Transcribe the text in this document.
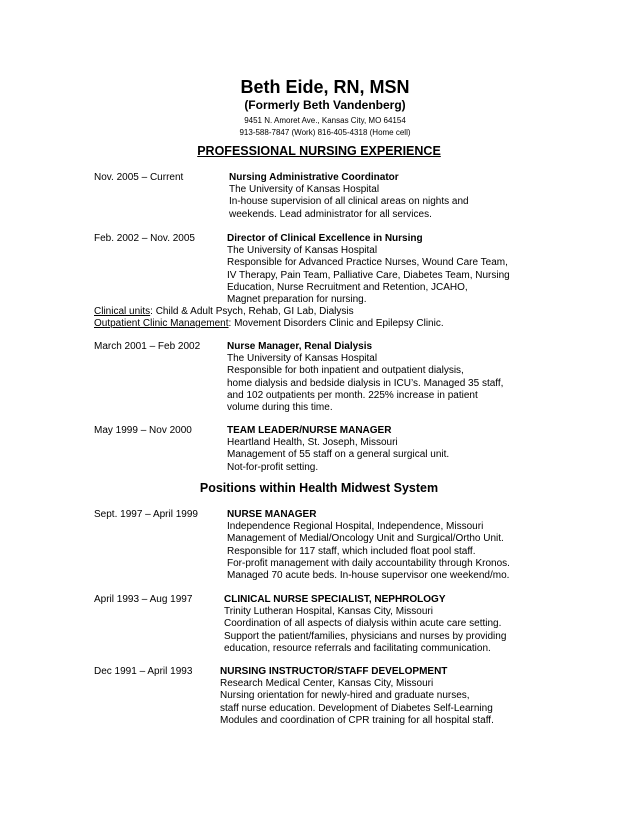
Beth Eide, RN, MSN
(Formerly Beth Vandenberg)
9451 N. Amoret Ave., Kansas City, MO 64154
913-588-7847 (Work) 816-405-4318 (Home cell)
PROFESSIONAL NURSING EXPERIENCE
Nov. 2005 – Current	Nursing Administrative Coordinator
The University of Kansas Hospital
In-house supervision of all clinical areas on nights and
weekends. Lead administrator for all services.
Feb. 2002 – Nov. 2005	Director of Clinical Excellence in Nursing
The University of Kansas Hospital
Responsible for Advanced Practice Nurses, Wound Care Team,
IV Therapy, Pain Team, Palliative Care, Diabetes Team, Nursing
Education, Nurse Recruitment and Retention, JCAHO,
Magnet preparation for nursing.
Clinical units: Child & Adult Psych, Rehab, GI Lab, Dialysis
Outpatient Clinic Management: Movement Disorders Clinic and Epilepsy Clinic.
March 2001 – Feb 2002	Nurse Manager, Renal Dialysis
The University of Kansas Hospital
Responsible for both inpatient and outpatient dialysis,
home dialysis and bedside dialysis in ICU’s. Managed 35 staff,
and 102 outpatients per month. 225% increase in patient
volume during this time.
May 1999 – Nov 2000	TEAM LEADER/NURSE MANAGER
Heartland Health, St. Joseph, Missouri
Management of 55 staff on a general surgical unit.
Not-for-profit setting.
Positions within Health Midwest System
Sept. 1997 – April 1999	NURSE MANAGER
Independence Regional Hospital, Independence, Missouri
Management of Medial/Oncology Unit and Surgical/Ortho Unit.
Responsible for 117 staff, which included float pool staff.
For-profit management with daily accountability through Kronos.
Managed 70 acute beds. In-house supervisor one weekend/mo.
April 1993 – Aug 1997	CLINICAL NURSE SPECIALIST, NEPHROLOGY
Trinity Lutheran Hospital, Kansas City, Missouri
Coordination of all aspects of dialysis within acute care setting.
Support the patient/families, physicians and nurses by providing
education, resource referrals and facilitating communication.
Dec 1991 – April 1993	NURSING INSTRUCTOR/STAFF DEVELOPMENT
Research Medical Center, Kansas City, Missouri
Nursing orientation for newly-hired and graduate nurses,
staff nurse education. Development of Diabetes Self-Learning
Modules and coordination of CPR training for all hospital staff.
